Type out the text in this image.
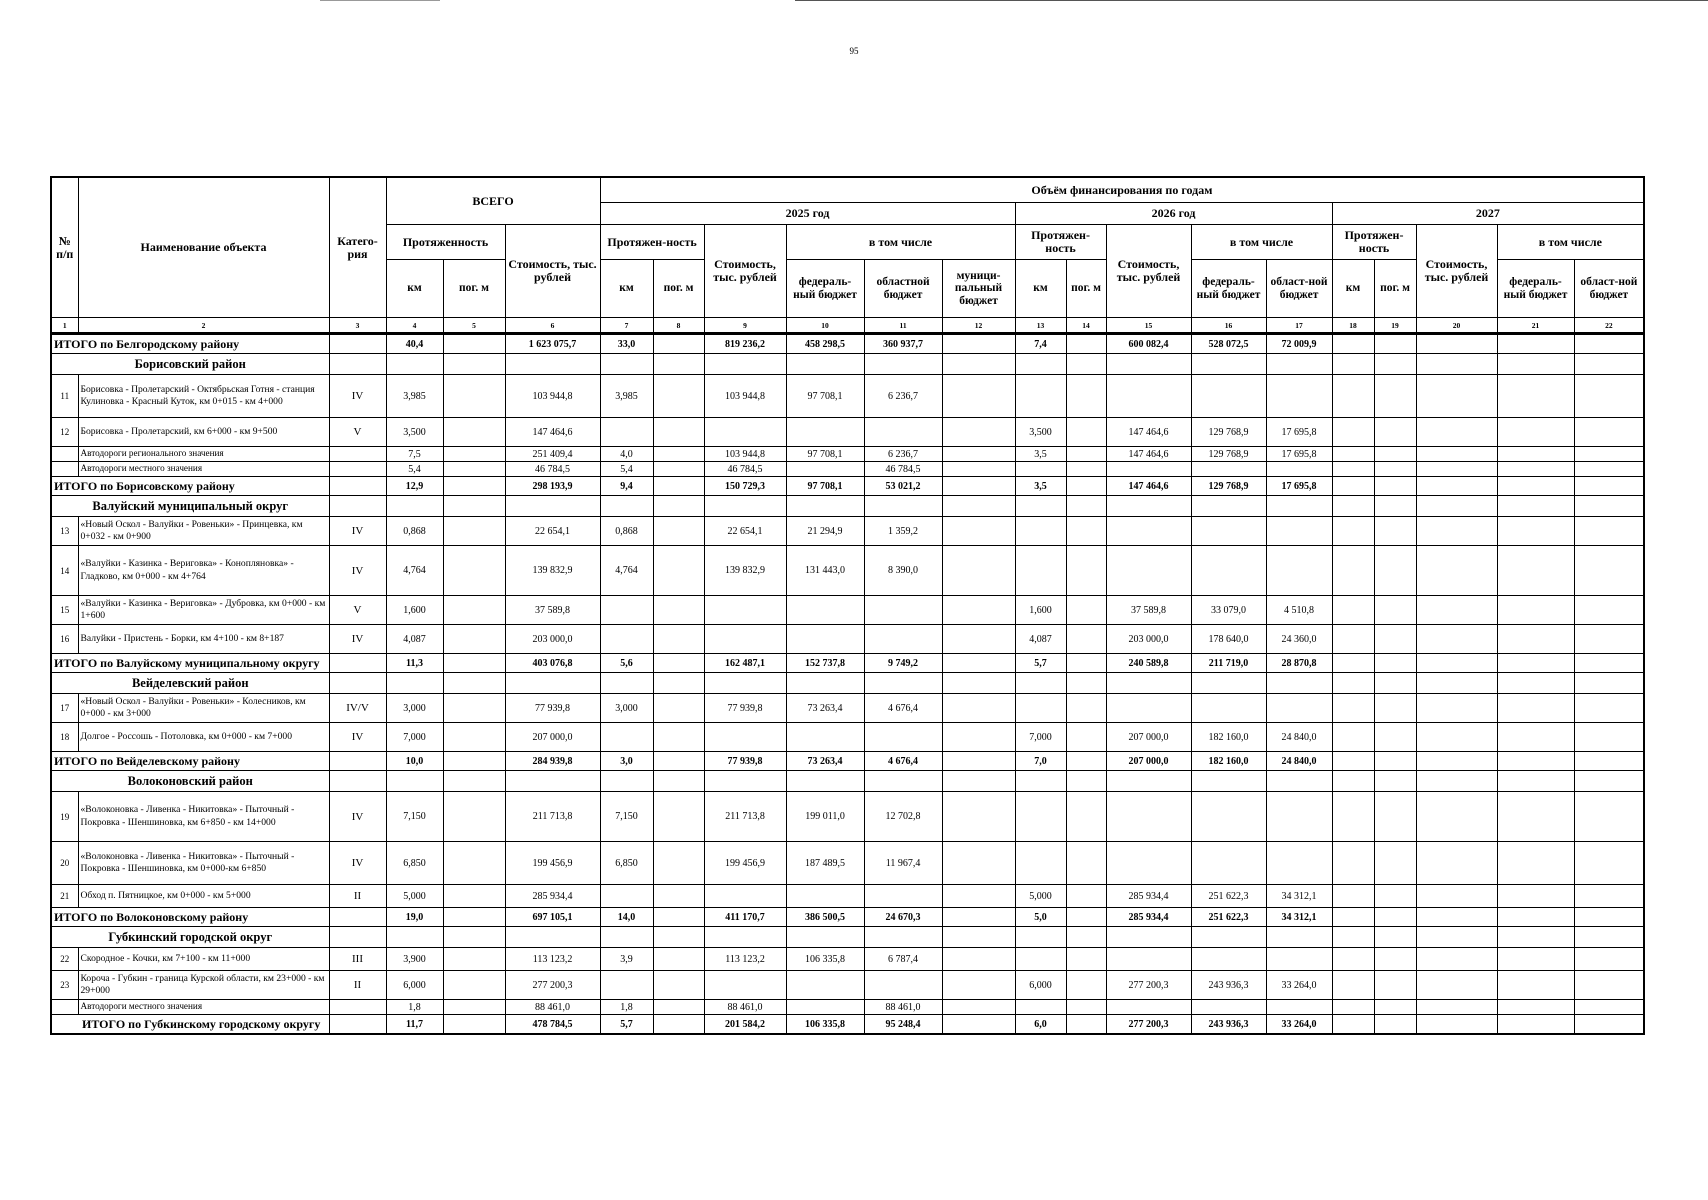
95
№ п/п	Наименование объекта	Катего-рия	ВСЕГО			Объём финансирования по годам															
						2025 год						2026 год					2027				
			Протяженность		Стоимость, тыс. рублей	Протяжен-ность		Стоимость, тыс. рублей	в том числе			Протяжен-ность		Стоимость, тыс. рублей	в том числе		Протяжен-ность		Стоимость, тыс. рублей	в том числе	
			км	пог. м		км	пог. м		федераль-ный бюджет	областной бюджет	муници-пальный бюджет	км	пог. м		федераль-ный бюджет	област-ной бюджет	км	пог. м		федераль-ный бюджет	област-ной бюджет
1	2	3	4	5	6	7	8	9	10	11	12	13	14	15	16	17	18	19	20	21	22
ИТОГО по Белгородскому району			40,4		1 623 075,7	33,0		819 236,2	458 298,5	360 937,7		7,4		600 082,4	528 072,5	72 009,9					
Борисовский район																					
11	Борисовка - Пролетарский - Октябрьская Готня - станция Кулиновка - Красный Куток, км 0+015 - км 4+000	IV	3,985		103 944,8	3,985		103 944,8	97 708,1	6 236,7											
12	Борисовка - Пролетарский, км 6+000 - км 9+500	V	3,500		147 464,6							3,500		147 464,6	129 768,9	17 695,8					
	Автодороги регионального значения		7,5		251 409,4	4,0		103 944,8	97 708,1	6 236,7		3,5		147 464,6	129 768,9	17 695,8					
	Автодороги местного значения		5,4		46 784,5	5,4		46 784,5		46 784,5											
ИТОГО по Борисовскому району			12,9		298 193,9	9,4		150 729,3	97 708,1	53 021,2		3,5		147 464,6	129 768,9	17 695,8					
Валуйский муниципальный округ																					
13	«Новый Оскол - Валуйки - Ровеньки» - Принцевка, км 0+032 - км 0+900	IV	0,868		22 654,1	0,868		22 654,1	21 294,9	1 359,2											
14	«Валуйки - Казинка - Вериговка» - Конопляновка» - Гладково, км 0+000 - км 4+764	IV	4,764		139 832,9	4,764		139 832,9	131 443,0	8 390,0											
15	«Валуйки - Казинка - Вериговка» - Дубровка, км 0+000 - км 1+600	V	1,600		37 589,8							1,600		37 589,8	33 079,0	4 510,8					
16	Валуйки - Пристень - Борки, км 4+100 - км 8+187	IV	4,087		203 000,0							4,087		203 000,0	178 640,0	24 360,0					
ИТОГО по Валуйскому муниципальному округу			11,3		403 076,8	5,6		162 487,1	152 737,8	9 749,2		5,7		240 589,8	211 719,0	28 870,8					
Вейделевский район																					
17	«Новый Оскол - Валуйки - Ровеньки» - Колесников, км 0+000 - км 3+000	IV/V	3,000		77 939,8	3,000		77 939,8	73 263,4	4 676,4											
18	Долгое - Россошь - Потоловка, км 0+000 - км 7+000	IV	7,000		207 000,0							7,000		207 000,0	182 160,0	24 840,0					
ИТОГО по Вейделевскому району			10,0		284 939,8	3,0		77 939,8	73 263,4	4 676,4		7,0		207 000,0	182 160,0	24 840,0					
Волоконовский район																					
19	«Волоконовка - Ливенка - Никитовка» - Пыточный - Покровка - Шеншиновка, км 6+850 - км 14+000	IV	7,150		211 713,8	7,150		211 713,8	199 011,0	12 702,8											
20	«Волоконовка - Ливенка - Никитовка» - Пыточный - Покровка - Шеншиновка, км 0+000-км 6+850	IV	6,850		199 456,9	6,850		199 456,9	187 489,5	11 967,4											
21	Обход п. Пятницкое, км 0+000 - км 5+000	II	5,000		285 934,4							5,000		285 934,4	251 622,3	34 312,1					
ИТОГО по Волоконовскому району			19,0		697 105,1	14,0		411 170,7	386 500,5	24 670,3		5,0		285 934,4	251 622,3	34 312,1					
Губкинский городской округ																					
22	Скородное - Кочки, км 7+100 - км 11+000	III	3,900		113 123,2	3,9		113 123,2	106 335,8	6 787,4											
23	Короча - Губкин - граница Курской области, км 23+000 - км 29+000	II	6,000		277 200,3							6,000		277 200,3	243 936,3	33 264,0					
	Автодороги местного значения		1,8		88 461,0	1,8		88 461,0		88 461,0											
ИТОГО по Губкинскому городскому округу			11,7		478 784,5	5,7		201 584,2	106 335,8	95 248,4		6,0		277 200,3	243 936,3	33 264,0					
